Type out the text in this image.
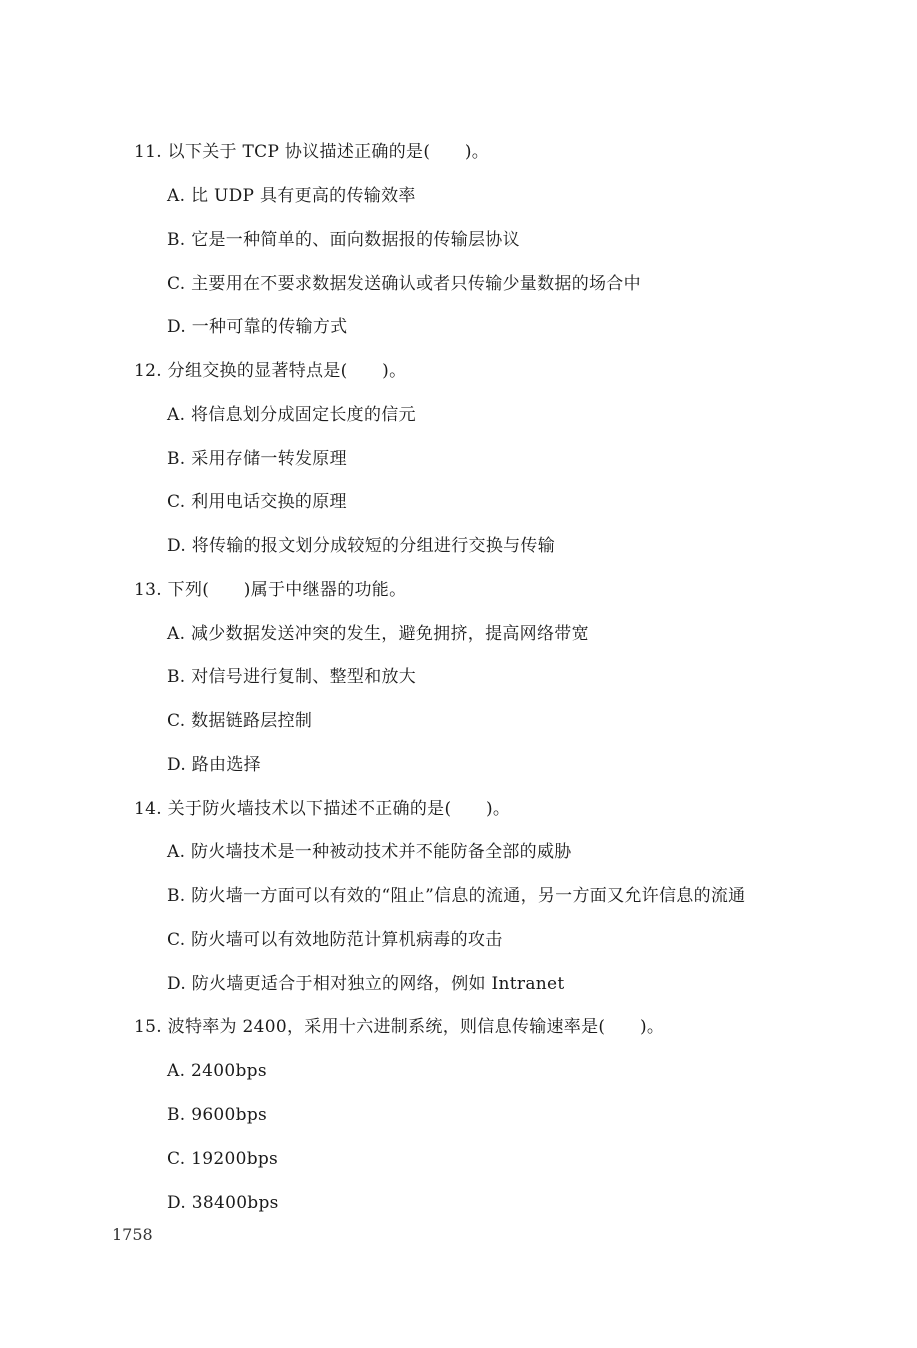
11. 以下关于 TCP 协议描述正确的是(　　)。
A. 比 UDP 具有更高的传输效率
B. 它是一种简单的、面向数据报的传输层协议
C. 主要用在不要求数据发送确认或者只传输少量数据的场合中
D. 一种可靠的传输方式
12. 分组交换的显著特点是(　　)。
A. 将信息划分成固定长度的信元
B. 采用存储一转发原理
C. 利用电话交换的原理
D. 将传输的报文划分成较短的分组进行交换与传输
13. 下列(　　)属于中继器的功能。
A. 减少数据发送冲突的发生，避免拥挤，提高网络带宽
B. 对信号进行复制、整型和放大
C. 数据链路层控制
D. 路由选择
14. 关于防火墙技术以下描述不正确的是(　　)。
A. 防火墙技术是一种被动技术并不能防备全部的威胁
B. 防火墙一方面可以有效的“阻止”信息的流通，另一方面又允许信息的流通
C. 防火墙可以有效地防范计算机病毒的攻击
D. 防火墙更适合于相对独立的网络，例如 Intranet
15. 波特率为 2400，采用十六进制系统，则信息传输速率是(　　)。
A. 2400bps
B. 9600bps
C. 19200bps
D. 38400bps
1758
